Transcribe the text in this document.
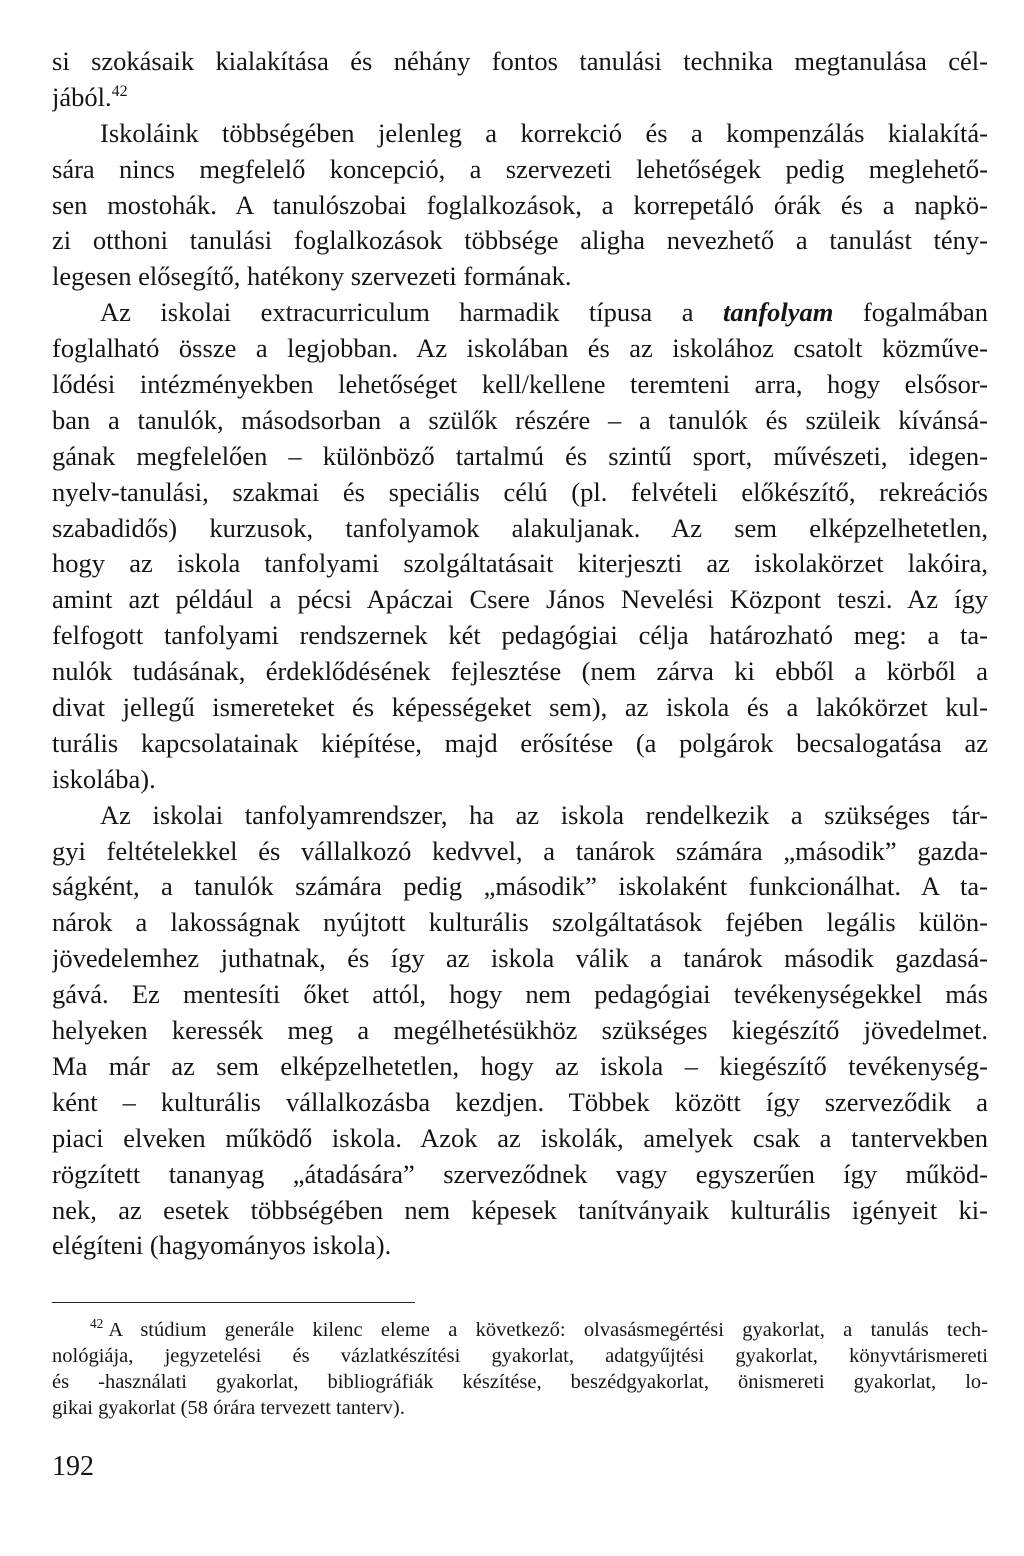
si szokásaik kialakítása és néhány fontos tanulási technika megtanulása cél-
jából.$^{42}$
Iskoláink többségében jelenleg a korrekció és a kompenzálás kialakítá-
sára nincs megfelelő koncepció, a szervezeti lehetőségek pedig meglehető-
sen mostohák. A tanulószobai foglalkozások, a korrepetáló órák és a napkö-
zi otthoni tanulási foglalkozások többsége aligha nevezhető a tanulást tény-
legesen elősegítő, hatékony szervezeti formának.
Az iskolai extracurriculum harmadik típusa a tanfolyam fogalmában
foglalható össze a legjobban. Az iskolában és az iskolához csatolt közműve-
lődési intézményekben lehetőséget kell/kellene teremteni arra, hogy elsősor-
ban a tanulók, másodsorban a szülők részére – a tanulók és szüleik kívánsá-
gának megfelelően – különböző tartalmú és szintű sport, művészeti, idegen-
nyelv-tanulási, szakmai és speciális célú (pl. felvételi előkészítő, rekreációs
szabadidős) kurzusok, tanfolyamok alakuljanak. Az sem elképzelhetetlen,
hogy az iskola tanfolyami szolgáltatásait kiterjeszti az iskolakörzet lakóira,
amint azt például a pécsi Apáczai Csere János Nevelési Központ teszi. Az így
felfogott tanfolyami rendszernek két pedagógiai célja határozható meg: a ta-
nulók tudásának, érdeklődésének fejlesztése (nem zárva ki ebből a körből a
divat jellegű ismereteket és képességeket sem), az iskola és a lakókörzet kul-
turális kapcsolatainak kiépítése, majd erősítése (a polgárok becsalogatása az
iskolába).
Az iskolai tanfolyamrendszer, ha az iskola rendelkezik a szükséges tár-
gyi feltételekkel és vállalkozó kedvvel, a tanárok számára „második” gazda-
ságként, a tanulók számára pedig „második” iskolaként funkcionálhat. A ta-
nárok a lakosságnak nyújtott kulturális szolgáltatások fejében legális külön-
jövedelemhez juthatnak, és így az iskola válik a tanárok második gazdasá-
gává. Ez mentesíti őket attól, hogy nem pedagógiai tevékenységekkel más
helyeken keressék meg a megélhetésükhöz szükséges kiegészítő jövedelmet.
Ma már az sem elképzelhetetlen, hogy az iskola – kiegészítő tevékenység-
ként – kulturális vállalkozásba kezdjen. Többek között így szerveződik a
piaci elveken működő iskola. Azok az iskolák, amelyek csak a tantervekben
rögzített tananyag „átadására” szerveződnek vagy egyszerűen így működ-
nek, az esetek többségében nem képesek tanítványaik kulturális igényeit ki-
elégíteni (hagyományos iskola).
$^{42}$ A stúdium generále kilenc eleme a következő: olvasásmegértési gyakorlat, a tanulás tech-
nológiája, jegyzetelési és vázlatkészítési gyakorlat, adatgyűjtési gyakorlat, könyvtárismereti
és -használati gyakorlat, bibliográfiák készítése, beszédgyakorlat, önismereti gyakorlat, lo-
gikai gyakorlat (58 órára tervezett tanterv).
192
